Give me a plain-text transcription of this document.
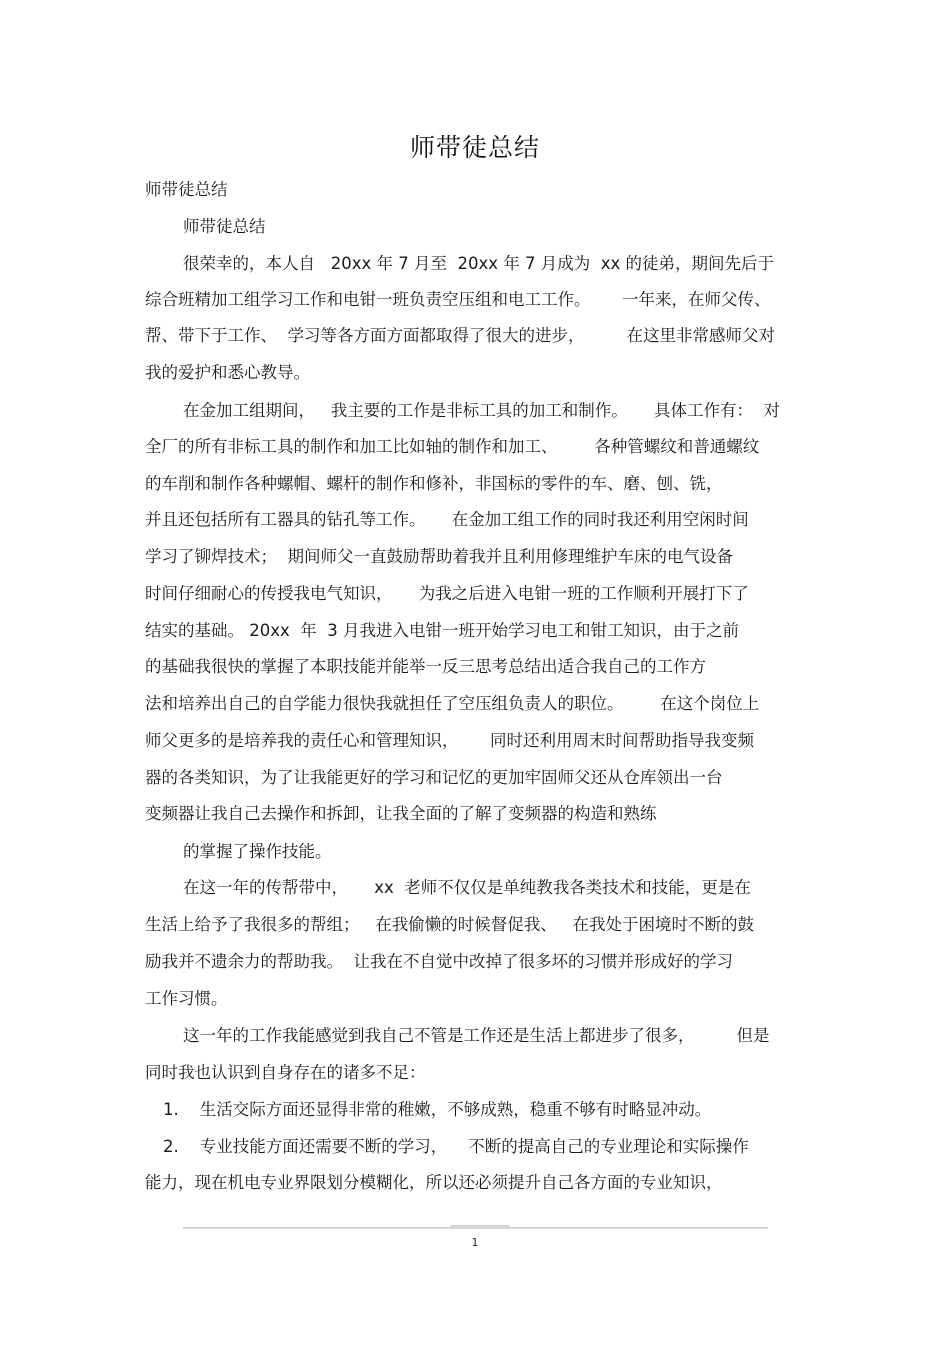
师带徒总结
师带徒总结
师带徒总结
很荣幸的，本人自   20xx 年 7 月至  20xx 年 7 月成为  xx 的徒弟，期间先后于
综合班精加工组学习工作和电钳一班负责空压组和电工工作。      一年来，在师父传、
帮、带下于工作、  学习等各方面方面都取得了很大的进步，        在这里非常感师父对
我的爱护和悉心教导。
在金加工组期间，   我主要的工作是非标工具的加工和制作。     具体工作有：  对
全厂的所有非标工具的制作和加工比如轴的制作和加工、       各种管螺纹和普通螺纹
的车削和制作各种螺帽、螺杆的制作和修补，非国标的零件的车、磨、刨、铣，
并且还包括所有工器具的钻孔等工作。     在金加工组工作的同时我还利用空闲时间
学习了铆焊技术；  期间师父一直鼓励帮助着我并且利用修理维护车床的电气设备
时间仔细耐心的传授我电气知识，     为我之后进入电钳一班的工作顺利开展打下了
结实的基础。 20xx  年  3 月我进入电钳一班开始学习电工和钳工知识，由于之前
的基础我很快的掌握了本职技能并能举一反三思考总结出适合我自己的工作方
法和培养出自己的自学能力很快我就担任了空压组负责人的职位。       在这个岗位上
师父更多的是培养我的责任心和管理知识，      同时还利用周末时间帮助指导我变频
器的各类知识，为了让我能更好的学习和记忆的更加牢固师父还从仓库领出一台
变频器让我自己去操作和拆卸，让我全面的了解了变频器的构造和熟练
的掌握了操作技能。
在这一年的传帮带中，     xx  老师不仅仅是单纯教我各类技术和技能，更是在
生活上给予了我很多的帮组；   在我偷懒的时候督促我、   在我处于困境时不断的鼓
励我并不遗余力的帮助我。  让我在不自觉中改掉了很多坏的习惯并形成好的学习
工作习惯。
这一年的工作我能感觉到我自己不管是工作还是生活上都进步了很多，        但是
同时我也认识到自身存在的诸多不足：
1.    生活交际方面还显得非常的稚嫩，不够成熟，稳重不够有时略显冲动。
2.    专业技能方面还需要不断的学习，    不断的提高自己的专业理论和实际操作
能力，现在机电专业界限划分模糊化，所以还必须提升自己各方面的专业知识，
1
